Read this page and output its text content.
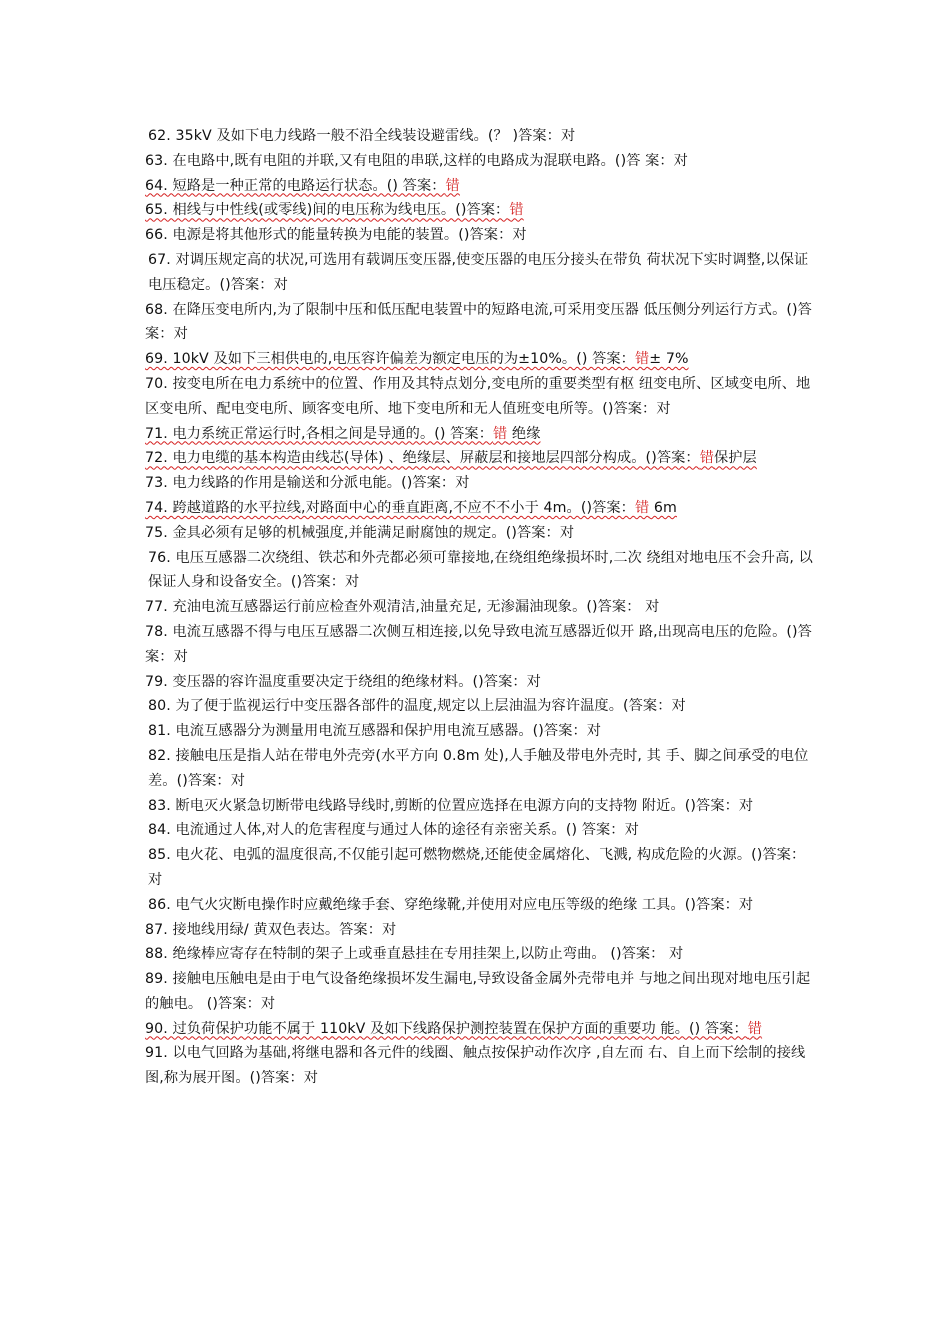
62. 35kV 及如下电力线路一般不沿全线装设避雷线。(？ )答案：对

63. 在电路中,既有电阻的并联,又有电阻的串联,这样的电路成为混联电路。()答 案：对

64. 短路是一种正常的电路运行状态。() 答案：错

65. 相线与中性线(或零线)间的电压称为线电压。()答案：错

66. 电源是将其他形式的能量转换为电能的装置。()答案：对

67. 对调压规定高的状况,可选用有载调压变压器,使变压器的电压分接头在带负 荷状况下实时调整,以保证电压稳定。()答案：对

68. 在降压变电所内,为了限制中压和低压配电装置中的短路电流,可采用变压器 低压侧分列运行方式。()答案：对

69. 10kV 及如下三相供电的,电压容许偏差为额定电压的为±10%。() 答案：错± 7%

70. 按变电所在电力系统中的位置、作用及其特点划分,变电所的重要类型有枢 纽变电所、区域变电所、地区变电所、配电变电所、顾客变电所、地下变电所和无人值班变电所等。()答案：对

71. 电力系统正常运行时,各相之间是导通的。() 答案：错 绝缘

72. 电力电缆的基本构造由线芯(导体) 、绝缘层、屏蔽层和接地层四部分构成。()答案：错保护层

73. 电力线路的作用是输送和分派电能。()答案：对

74. 跨越道路的水平拉线,对路面中心的垂直距离,不应不不小于 4m。()答案：错 6m

75. 金具必须有足够的机械强度,并能满足耐腐蚀的规定。()答案：对

76. 电压互感器二次绕组、铁芯和外壳都必须可靠接地,在绕组绝缘损坏时,二次 绕组对地电压不会升高, 以保证人身和设备安全。()答案：对

77. 充油电流互感器运行前应检查外观清洁,油量充足, 无渗漏油现象。()答案： 对

78. 电流互感器不得与电压互感器二次侧互相连接,以免导致电流互感器近似开 路,出现高电压的危险。()答案：对

79. 变压器的容许温度重要决定于绕组的绝缘材料。()答案：对

80. 为了便于监视运行中变压器各部件的温度,规定以上层油温为容许温度。(答案：对

81. 电流互感器分为测量用电流互感器和保护用电流互感器。()答案：对

82. 接触电压是指人站在带电外壳旁(水平方向 0.8m 处),人手触及带电外壳时, 其 手、脚之间承受的电位差。()答案：对

83. 断电灭火紧急切断带电线路导线时,剪断的位置应选择在电源方向的支持物 附近。()答案：对

84. 电流通过人体,对人的危害程度与通过人体的途径有亲密关系。() 答案：对

85. 电火花、电弧的温度很高,不仅能引起可燃物燃烧,还能使金属熔化、飞溅, 构成危险的火源。()答案：对

86. 电气火灾断电操作时应戴绝缘手套、穿绝缘靴,并使用对应电压等级的绝缘 工具。()答案：对

87. 接地线用绿/ 黄双色表达。答案：对

88. 绝缘棒应寄存在特制的架子上或垂直悬挂在专用挂架上,以防止弯曲。 ()答案： 对

89. 接触电压触电是由于电气设备绝缘损坏发生漏电,导致设备金属外壳带电并 与地之间出现对地电压引起的触电。 ()答案：对

90. 过负荷保护功能不属于 110kV 及如下线路保护测控装置在保护方面的重要功 能。() 答案：错

91. 以电气回路为基础,将继电器和各元件的线圈、触点按保护动作次序 ,自左而 右、自上而下绘制的接线图,称为展开图。()答案：对
